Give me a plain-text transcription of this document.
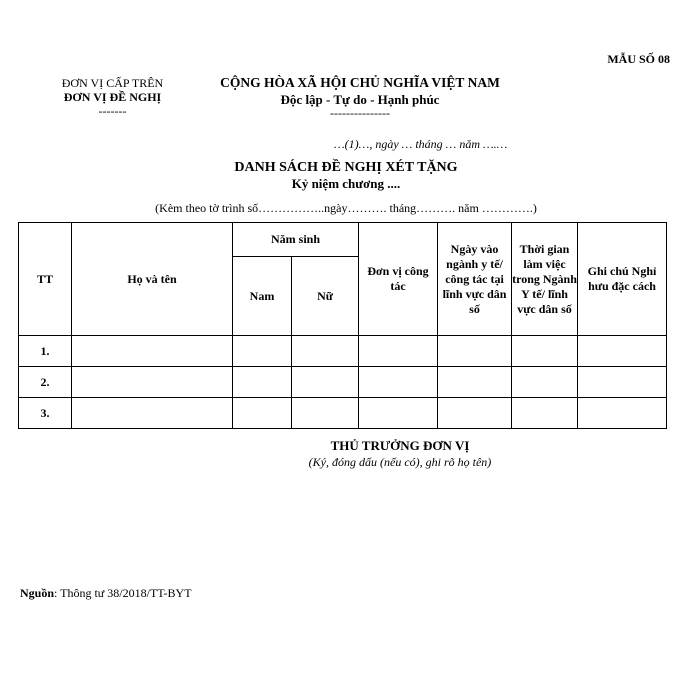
MẪU SỐ 08
ĐƠN VỊ CẤP TRÊN
ĐƠN VỊ ĐỀ NGHỊ
-------
CỘNG HÒA XÃ HỘI CHỦ NGHĨA VIỆT NAM
Độc lập - Tự do - Hạnh phúc
---------------
…(1)…, ngày … tháng … năm ….…
DANH SÁCH ĐỀ NGHỊ XÉT TẶNG
Kỷ niệm chương ....
(Kèm theo tờ trình số……………..ngày………. tháng………. năm ………….)
TT	Họ và tên	Năm sinh		Đơn vị công tác	Ngày vào ngành y tế/ công tác tại lĩnh vực dân số	Thời gian làm việc trong Ngành Y tế/ lĩnh vực dân số	Ghi chú Nghỉ hưu đặc cách
		Nam	Nữ				
1.							
2.							
3.							
THỦ TRƯỞNG ĐƠN VỊ
(Ký, đóng dấu (nếu có), ghi rõ họ tên)
Nguồn: Thông tư 38/2018/TT-BYT
